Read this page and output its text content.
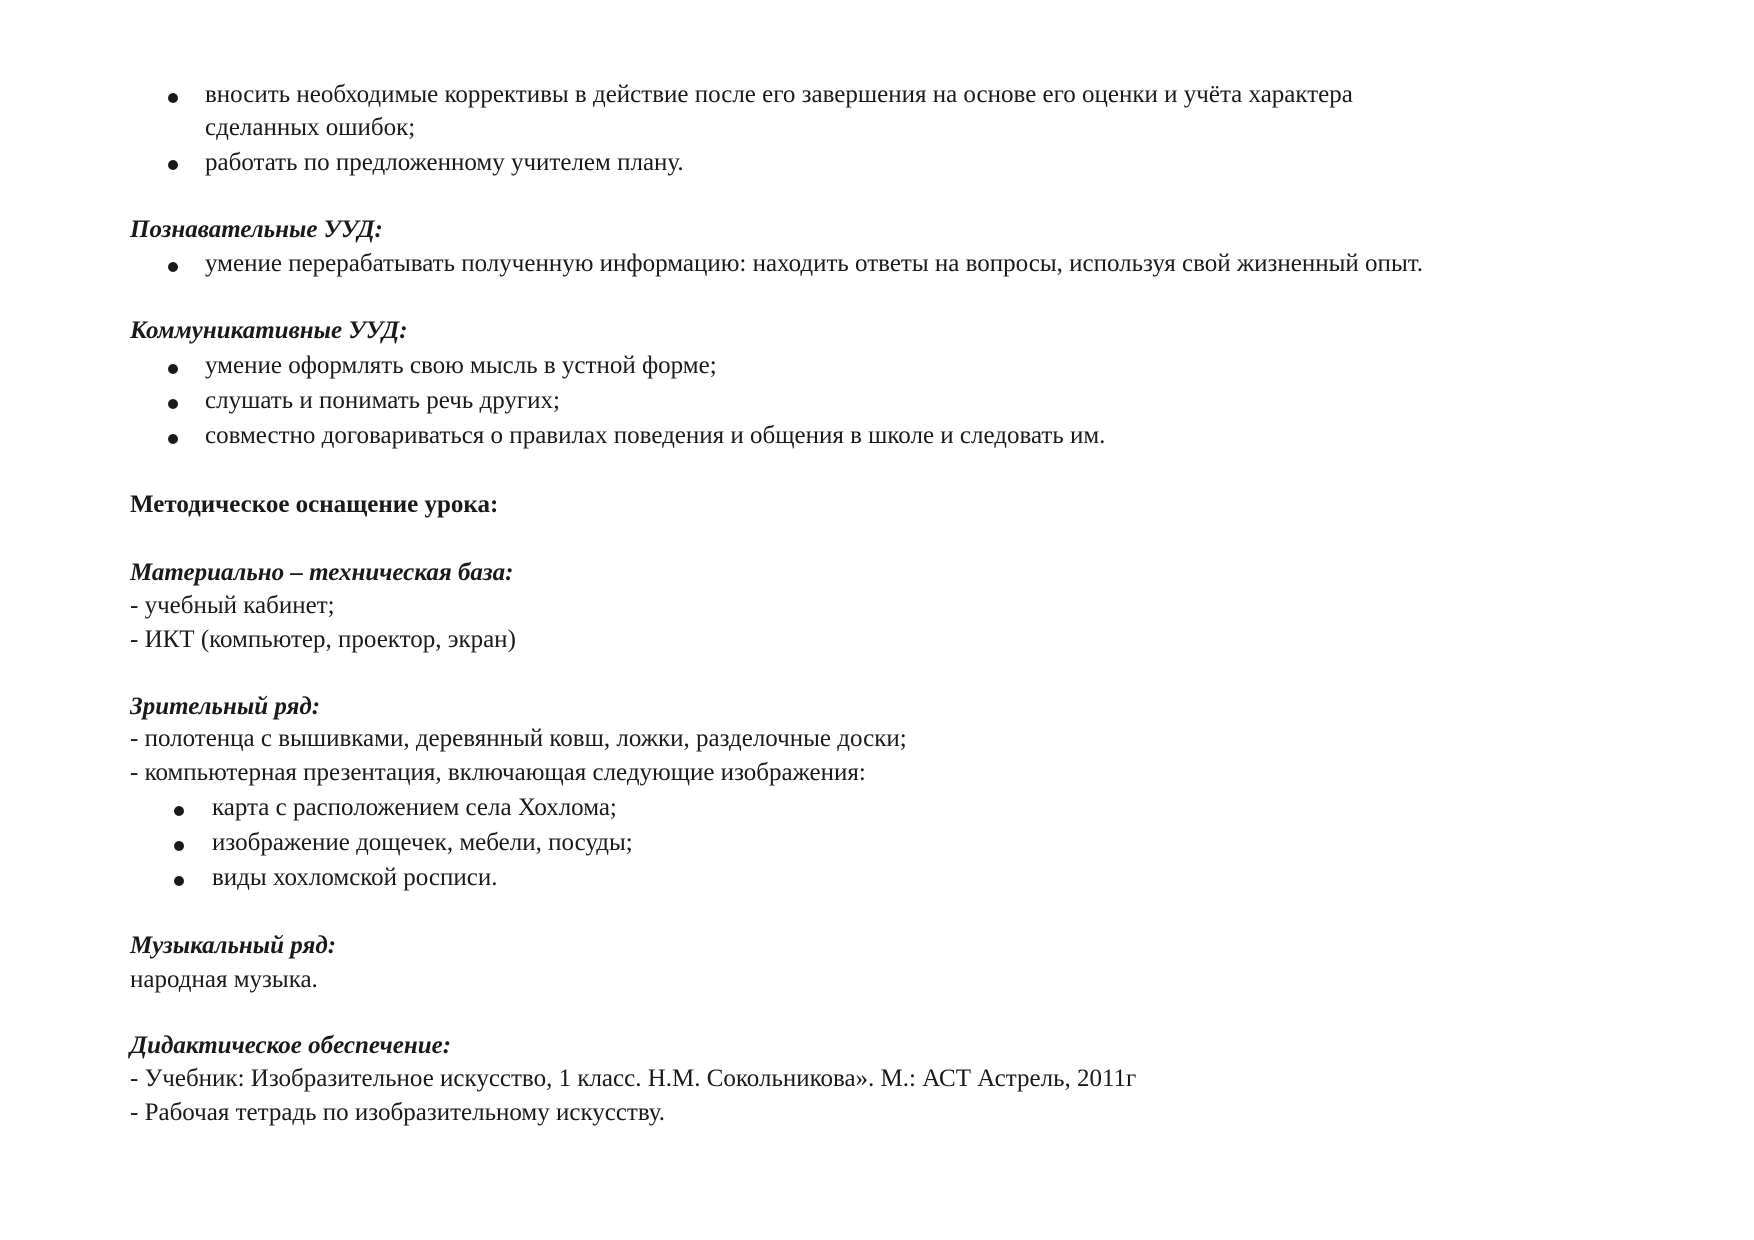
вносить необходимые коррективы в действие после его завершения на основе его оценки и учёта характера
сделанных ошибок;
работать по предложенному учителем плану.
Познавательные УУД:
умение перерабатывать полученную информацию: находить ответы на вопросы, используя свой жизненный опыт.
Коммуникативные УУД:
умение оформлять свою мысль в устной форме;
слушать и понимать речь других;
совместно договариваться о правилах поведения и общения в школе и следовать им.
Методическое оснащение урока:
Материально – техническая база:
- учебный кабинет;
- ИКТ (компьютер, проектор, экран)
Зрительный ряд:
- полотенца с вышивками, деревянный ковш, ложки, разделочные доски;
- компьютерная презентация, включающая следующие изображения:
карта с расположением села Хохлома;
изображение дощечек, мебели, посуды;
виды хохломской росписи.
Музыкальный ряд:
народная музыка.
Дидактическое обеспечение:
- Учебник: Изобразительное искусство, 1 класс. Н.М. Сокольникова». М.: АСТ Астрель, 2011г
- Рабочая тетрадь по изобразительному искусству.
